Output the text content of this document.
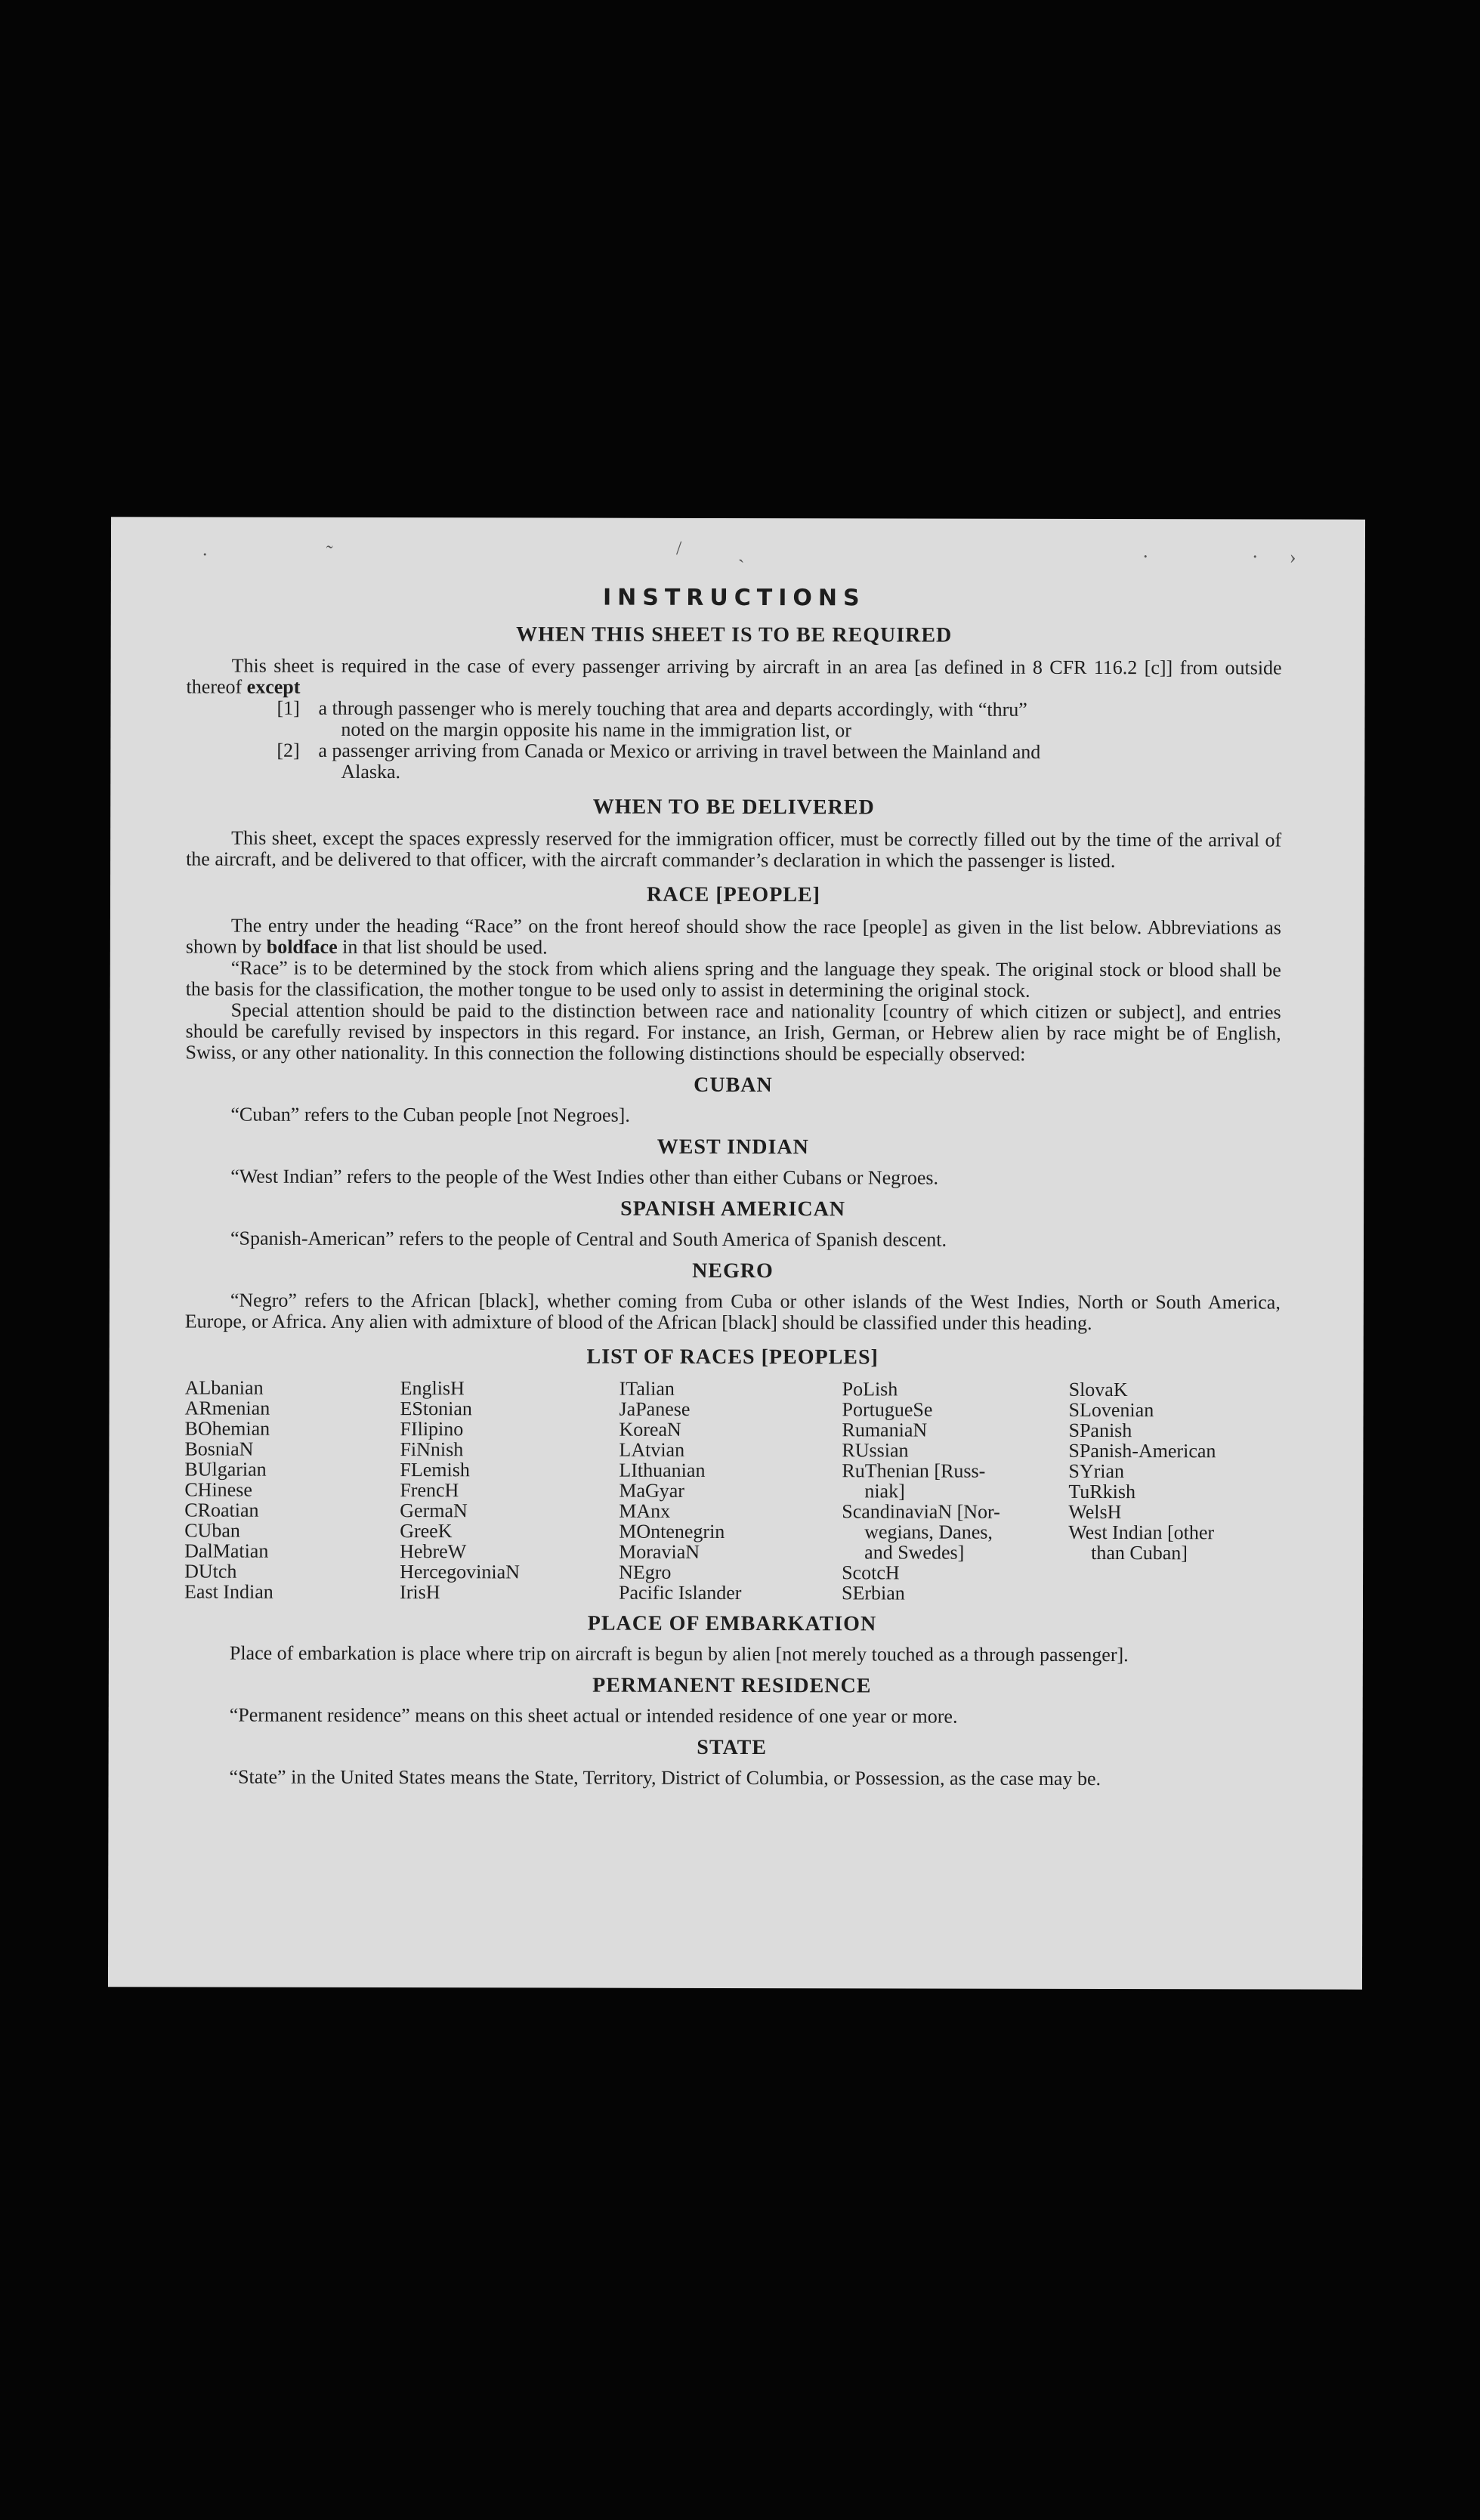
·	˜	/	ˎ	·	· ›
INSTRUCTIONS
WHEN THIS SHEET IS TO BE REQUIRED

This sheet is required in the case of every passenger arriving by aircraft in an area [as defined in 8 CFR 116.2 [c]] from outside thereof except

[1] a through passenger who is merely touching that area and departs accordingly, with “thru”
noted on the margin opposite his name in the immigration list, or
[2] a passenger arriving from Canada or Mexico or arriving in travel between the Mainland and
Alaska.
WHEN TO BE DELIVERED

This sheet, except the spaces expressly reserved for the immigration officer, must be correctly filled out by the time of the arrival of the aircraft, and be delivered to that officer, with the aircraft commander’s declaration in which the passenger is listed.

RACE [PEOPLE]

The entry under the heading “Race” on the front hereof should show the race [people] as given in the list below. Abbreviations as shown by boldface in that list should be used.

“Race” is to be determined by the stock from which aliens spring and the language they speak. The original stock or blood shall be the basis for the classification, the mother tongue to be used only to assist in determining the original stock.

Special attention should be paid to the distinction between race and nationality [country of which citizen or subject], and entries should be carefully revised by inspectors in this regard. For instance, an Irish, German, or Hebrew alien by race might be of English, Swiss, or any other nationality. In this connection the following distinctions should be especially observed:

CUBAN

“Cuban” refers to the Cuban people [not Negroes].

WEST INDIAN

“West Indian” refers to the people of the West Indies other than either Cubans or Negroes.

SPANISH AMERICAN

“Spanish-American” refers to the people of Central and South America of Spanish descent.

NEGRO

“Negro” refers to the African [black], whether coming from Cuba or other islands of the West Indies, North or South America, Europe, or Africa. Any alien with admixture of blood of the African [black] should be classified under this heading.

LIST OF RACES [PEOPLES]
ALbanian
ARmenian
BOhemian
BosniaN
BUlgarian
CHinese
CRoatian
CUban
DalMatian
DUtch
East Indian
EnglisH
EStonian
FIlipino
FiNnish
FLemish
FrencH
GermaN
GreeK
HebreW
HercegoviniaN
IrisH
ITalian
JaPanese
KoreaN
LAtvian
LIthuanian
MaGyar
MAnx
MOntenegrin
MoraviaN
NEgro
Pacific Islander
PoLish
PortugueSe
RumaniaN
RUssian
RuThenian [Russ-
niak]
ScandinaviaN [Nor-
wegians, Danes,
and Swedes]
ScotcH
SErbian
SlovaK
SLovenian
SPanish
SPanish-American
SYrian
TuRkish
WelsH
West Indian [other
than Cuban]
PLACE OF EMBARKATION

Place of embarkation is place where trip on aircraft is begun by alien [not merely touched as a through passenger].

PERMANENT RESIDENCE

“Permanent residence” means on this sheet actual or intended residence of one year or more.

STATE

“State” in the United States means the State, Territory, District of Columbia, or Possession, as the case may be.
